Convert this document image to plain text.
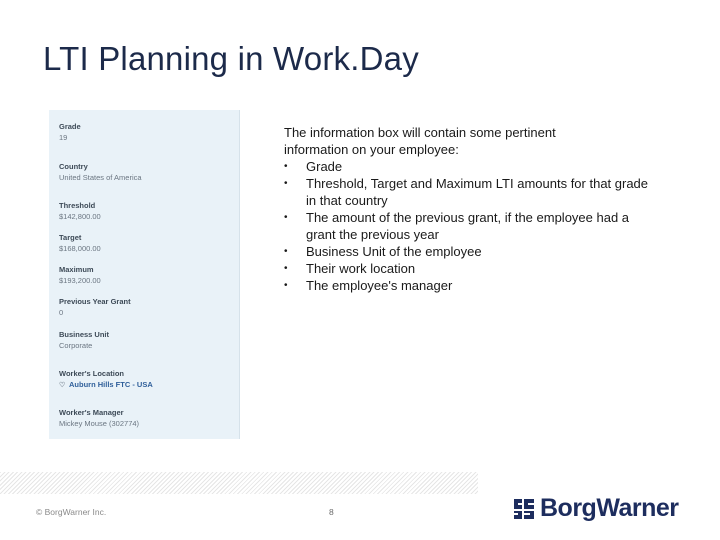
LTI Planning in Work.Day
Grade
19
Country
United States of America
Threshold
$142,800.00
Target
$168,000.00
Maximum
$193,200.00
Previous Year Grant
0
Business Unit
Corporate
Worker's Location
♡ Auburn Hills FTC - USA
Worker's Manager
Mickey Mouse (302774)
The information box will contain some pertinent information on your employee:
• Grade
• Threshold, Target and Maximum LTI amounts for that grade in that country
• The amount of the previous grant, if the employee had a grant the previous year
• Business Unit of the employee
• Their work location
• The employee's manager
© BorgWarner Inc.	8	BorgWarner
